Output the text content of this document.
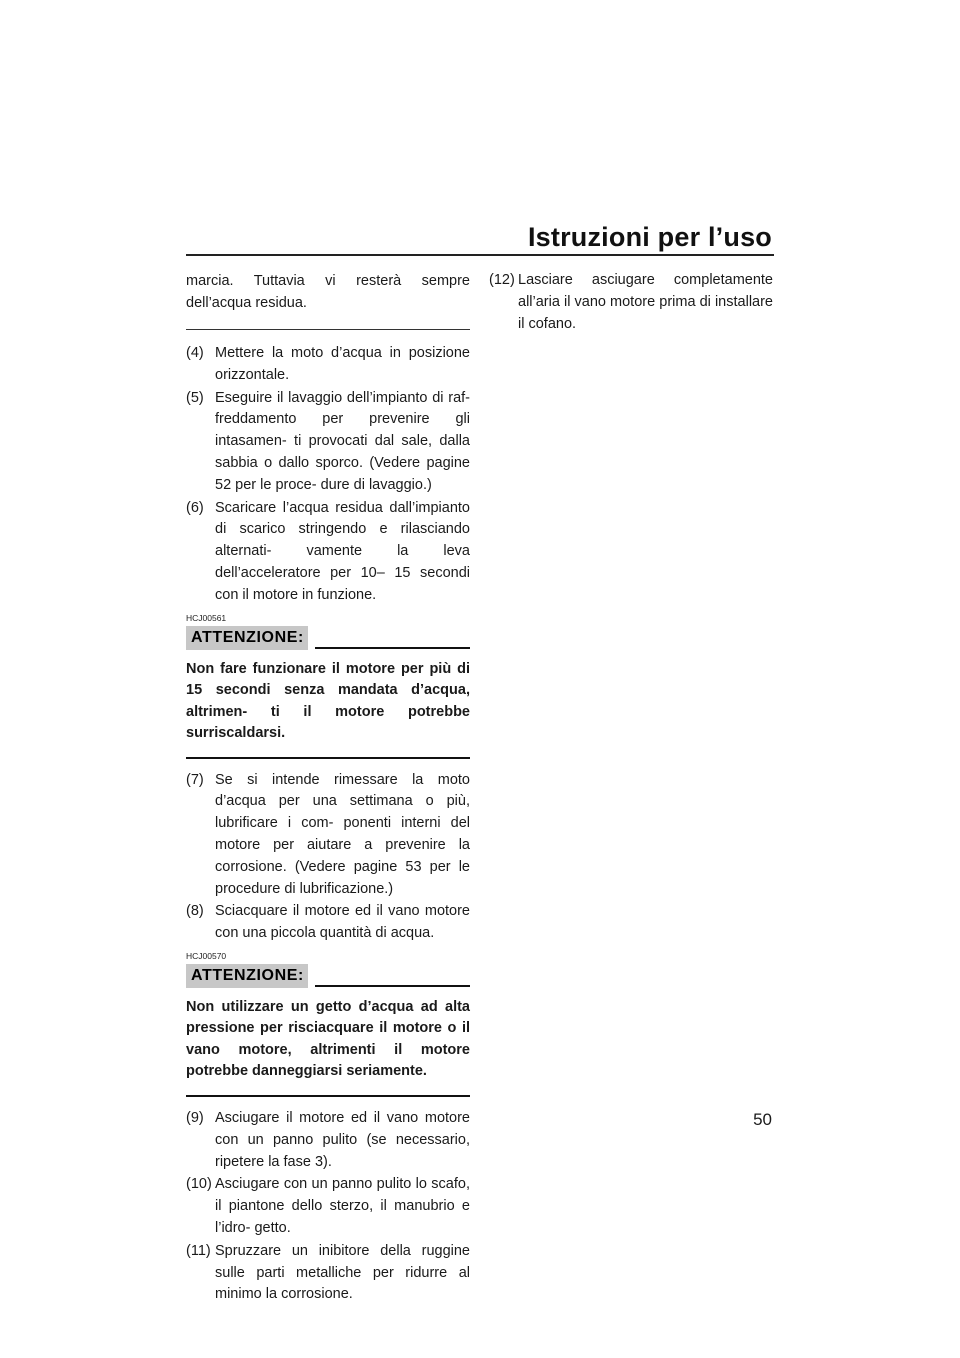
Istruzioni per l’uso

marcia. Tuttavia vi resterà sempre dell’acqua residua.

(4) Mettere la moto d’acqua in posizione orizzontale.
(5) Eseguire il lavaggio dell’impianto di raf- freddamento per prevenire gli intasamen- ti provocati dal sale, dalla sabbia o dallo sporco. (Vedere pagine 52 per le proce- dure di lavaggio.)
(6) Scaricare l’acqua residua dall’impianto di scarico stringendo e rilasciando alternati- vamente la leva dell’acceleratore per 10– 15 secondi con il motore in funzione.
HCJ00561
ATTENZIONE:
Non fare funzionare il motore per più di 15 secondi senza mandata d’acqua, altrimen- ti il motore potrebbe surriscaldarsi.
(7) Se si intende rimessare la moto d’acqua per una settimana o più, lubrificare i com- ponenti interni del motore per aiutare a prevenire la corrosione. (Vedere pagine 53 per le procedure di lubrificazione.)
(8) Sciacquare il motore ed il vano motore con una piccola quantità di acqua.
HCJ00570
ATTENZIONE:
Non utilizzare un getto d’acqua ad alta pressione per risciacquare il motore o il vano motore, altrimenti il motore potrebbe danneggiarsi seriamente.
(9) Asciugare il motore ed il vano motore con un panno pulito (se necessario, ripetere la fase 3).
(10) Asciugare con un panno pulito lo scafo, il piantone dello sterzo, il manubrio e l’idro- getto.
(11) Spruzzare un inibitore della ruggine sulle parti metalliche per ridurre al minimo la corrosione.
(12) Lasciare asciugare completamente all’aria il vano motore prima di installare il cofano.
50
